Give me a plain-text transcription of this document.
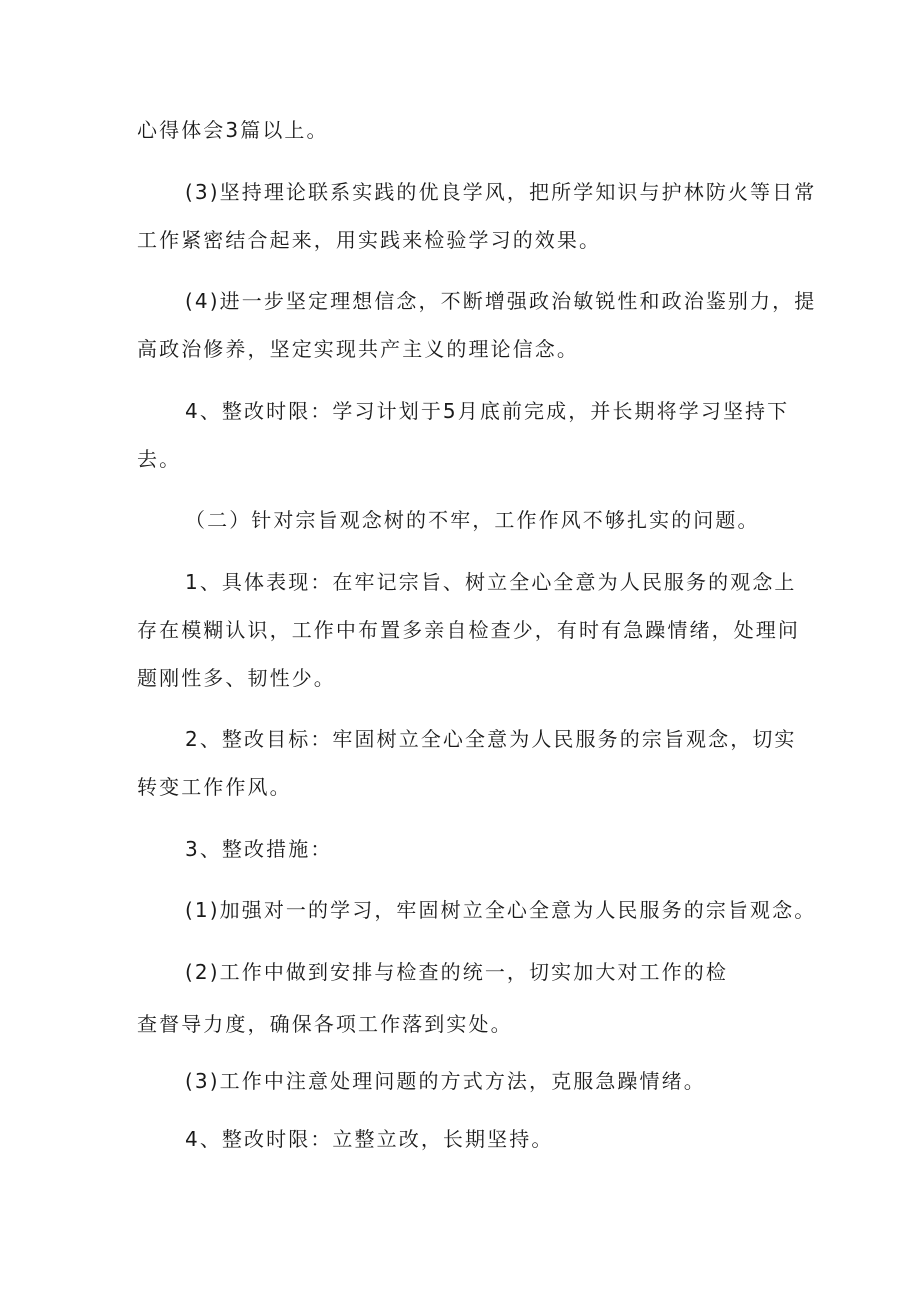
心得体会3篇以上。
(3)坚持理论联系实践的优良学风，把所学知识与护林防火等日常
工作紧密结合起来，用实践来检验学习的效果。
(4)进一步坚定理想信念，不断增强政治敏锐性和政治鉴别力，提
高政治修养，坚定实现共产主义的理论信念。
4、整改时限：学习计划于5月底前完成，并长期将学习坚持下
去。
（二）针对宗旨观念树的不牢，工作作风不够扎实的问题。
1、具体表现：在牢记宗旨、树立全心全意为人民服务的观念上
存在模糊认识，工作中布置多亲自检查少，有时有急躁情绪，处理问
题刚性多、韧性少。
2、整改目标：牢固树立全心全意为人民服务的宗旨观念，切实
转变工作作风。
3、整改措施：
(1)加强对一的学习，牢固树立全心全意为人民服务的宗旨观念。
(2)工作中做到安排与检查的统一，切实加大对工作的检
查督导力度，确保各项工作落到实处。
(3)工作中注意处理问题的方式方法，克服急躁情绪。
4、整改时限：立整立改，长期坚持。
